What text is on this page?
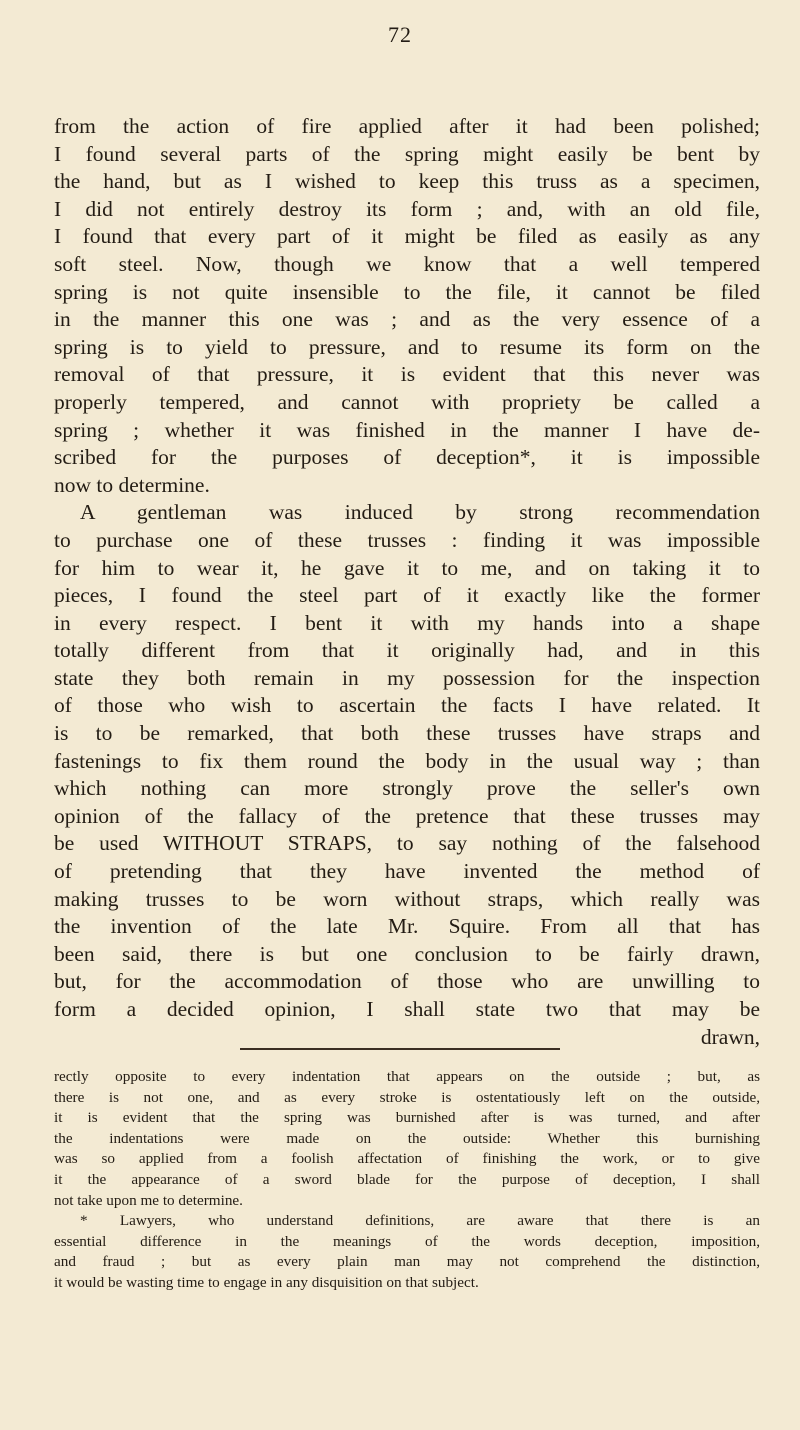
72
from the action of fire applied after it had been polished;
I found several parts of the spring might easily be bent by
the hand, but as I wished to keep this truss as a specimen,
I did not entirely destroy its form ; and, with an old file,
I found that every part of it might be filed as easily as any
soft steel. Now, though we know that a well tempered
spring is not quite insensible to the file, it cannot be filed
in the manner this one was ; and as the very essence of a
spring is to yield to pressure, and to resume its form on the
removal of that pressure, it is evident that this never was
properly tempered, and cannot with propriety be called a
spring ; whether it was finished in the manner I have de-
scribed for the purposes of deception*, it is impossible
now to determine.
A gentleman was induced by strong recommendation
to purchase one of these trusses : finding it was impossible
for him to wear it, he gave it to me, and on taking it to
pieces, I found the steel part of it exactly like the former
in every respect. I bent it with my hands into a shape
totally different from that it originally had, and in this
state they both remain in my possession for the inspection
of those who wish to ascertain the facts I have related. It
is to be remarked, that both these trusses have straps and
fastenings to fix them round the body in the usual way ; than
which nothing can more strongly prove the seller's own
opinion of the fallacy of the pretence that these trusses may
be used WITHOUT STRAPS, to say nothing of the falsehood
of pretending that they have invented the method of
making trusses to be worn without straps, which really was
the invention of the late Mr. Squire. From all that has
been said, there is but one conclusion to be fairly drawn,
but, for the accommodation of those who are unwilling to
form a decided opinion, I shall state two that may be
drawn,
rectly opposite to every indentation that appears on the outside ; but, as
there is not one, and as every stroke is ostentatiously left on the outside,
it is evident that the spring was burnished after is was turned, and after
the indentations were made on the outside: Whether this burnishing
was so applied from a foolish affectation of finishing the work, or to give
it the appearance of a sword blade for the purpose of deception, I shall
not take upon me to determine.
* Lawyers, who understand definitions, are aware that there is an
essential difference in the meanings of the words deception, imposition,
and fraud ; but as every plain man may not comprehend the distinction,
it would be wasting time to engage in any disquisition on that subject.
